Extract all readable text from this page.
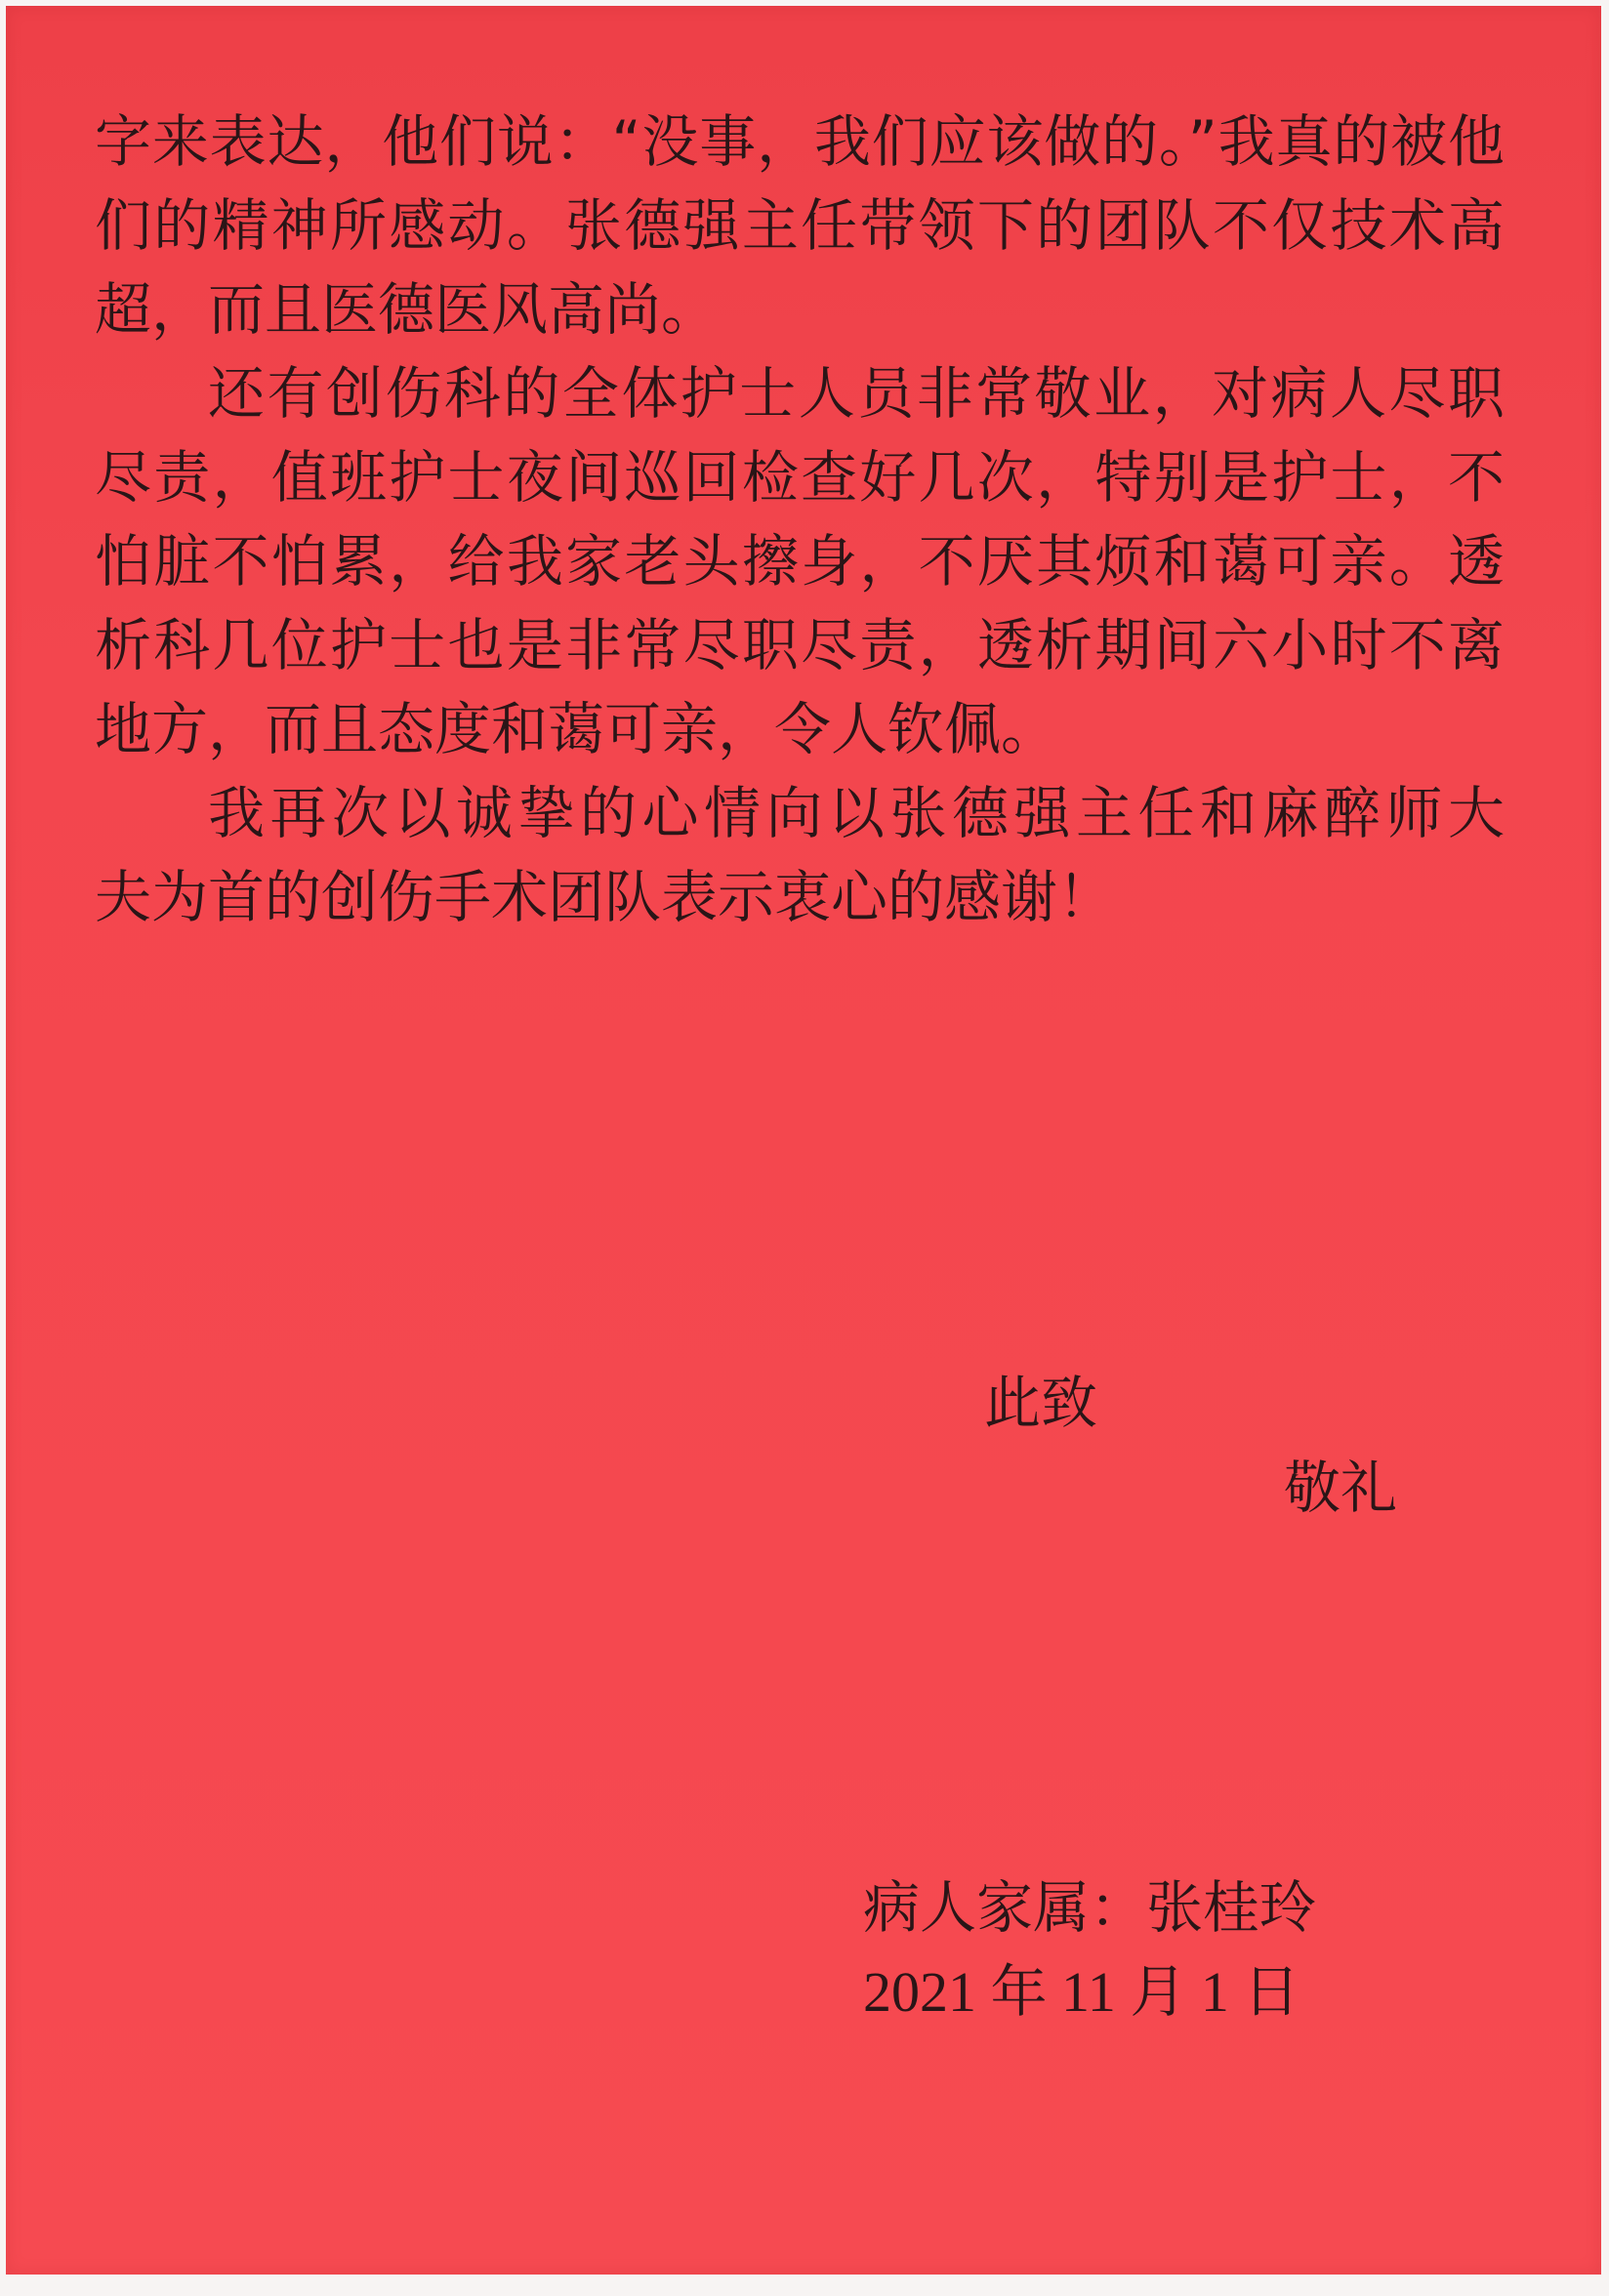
字来表达，他们说：“没事，我们应该做的。”我真的被他
们的精神所感动。张德强主任带领下的团队不仅技术高
超，而且医德医风高尚。
还有创伤科的全体护士人员非常敬业，对病人尽职
尽责，值班护士夜间巡回检查好几次，特别是护士，不
怕脏不怕累，给我家老头擦身，不厌其烦和蔼可亲。透
析科几位护士也是非常尽职尽责，透析期间六小时不离
地方，而且态度和蔼可亲，令人钦佩。
我再次以诚挚的心情向以张德强主任和麻醉师大
夫为首的创伤手术团队表示衷心的感谢！
此致
敬礼
病人家属：张桂玲
2021 年 11 月 1 日
